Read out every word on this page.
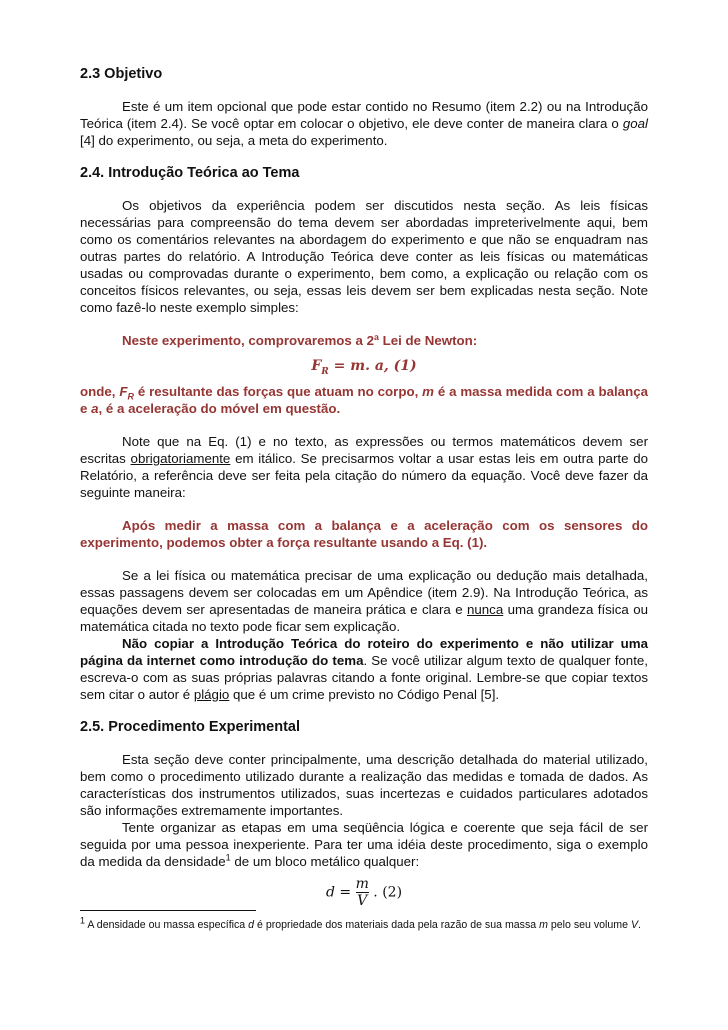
2.3 Objetivo

Este é um item opcional que pode estar contido no Resumo (item 2.2) ou na Introdução Teórica (item 2.4). Se você optar em colocar o objetivo, ele deve conter de maneira clara o goal [4] do experimento, ou seja, a meta do experimento.

2.4. Introdução Teórica ao Tema

Os objetivos da experiência podem ser discutidos nesta seção. As leis físicas necessárias para compreensão do tema devem ser abordadas impreterivelmente aqui, bem como os comentários relevantes na abordagem do experimento e que não se enquadram nas outras partes do relatório. A Introdução Teórica deve conter as leis físicas ou matemáticas usadas ou comprovadas durante o experimento, bem como, a explicação ou relação com os conceitos físicos relevantes, ou seja, essas leis devem ser bem explicadas nesta seção. Note como fazê-lo neste exemplo simples:

Neste experimento, comprovaremos a 2ª Lei de Newton:

$F_R = m$. a, (1)

onde, $F_R$ é resultante das forças que atuam no corpo, m é a massa medida com a balança e a, é a aceleração do móvel em questão.

Note que na Eq. (1) e no texto, as expressões ou termos matemáticos devem ser escritas obrigatoriamente em itálico. Se precisarmos voltar a usar estas leis em outra parte do Relatório, a referência deve ser feita pela citação do número da equação. Você deve fazer da seguinte maneira:

Após medir a massa com a balança e a aceleração com os sensores do experimento, podemos obter a força resultante usando a Eq. (1).

Se a lei física ou matemática precisar de uma explicação ou dedução mais detalhada, essas passagens devem ser colocadas em um Apêndice (item 2.9). Na Introdução Teórica, as equações devem ser apresentadas de maneira prática e clara e nunca uma grandeza física ou matemática citada no texto pode ficar sem explicação.

Não copiar a Introdução Teórica do roteiro do experimento e não utilizar uma página da internet como introdução do tema. Se você utilizar algum texto de qualquer fonte, escreva-o com as suas próprias palavras citando a fonte original. Lembre-se que copiar textos sem citar o autor é plágio que é um crime previsto no Código Penal [5].

2.5. Procedimento Experimental

Esta seção deve conter principalmente, uma descrição detalhada do material utilizado, bem como o procedimento utilizado durante a realização das medidas e tomada de dados. As características dos instrumentos utilizados, suas incertezas e cuidados particulares adotados são informações extremamente importantes.

Tente organizar as etapas em uma seqüência lógica e coerente que seja fácil de ser seguida por uma pessoa inexperiente. Para ter uma idéia deste procedimento, siga o exemplo da medida da densidade$^1$ de um bloco metálico qualquer:

$d = \frac{m}{V}$ . (2)

$^1$ A densidade ou massa específica d é propriedade dos materiais dada pela razão de sua massa m pelo seu volume V.
